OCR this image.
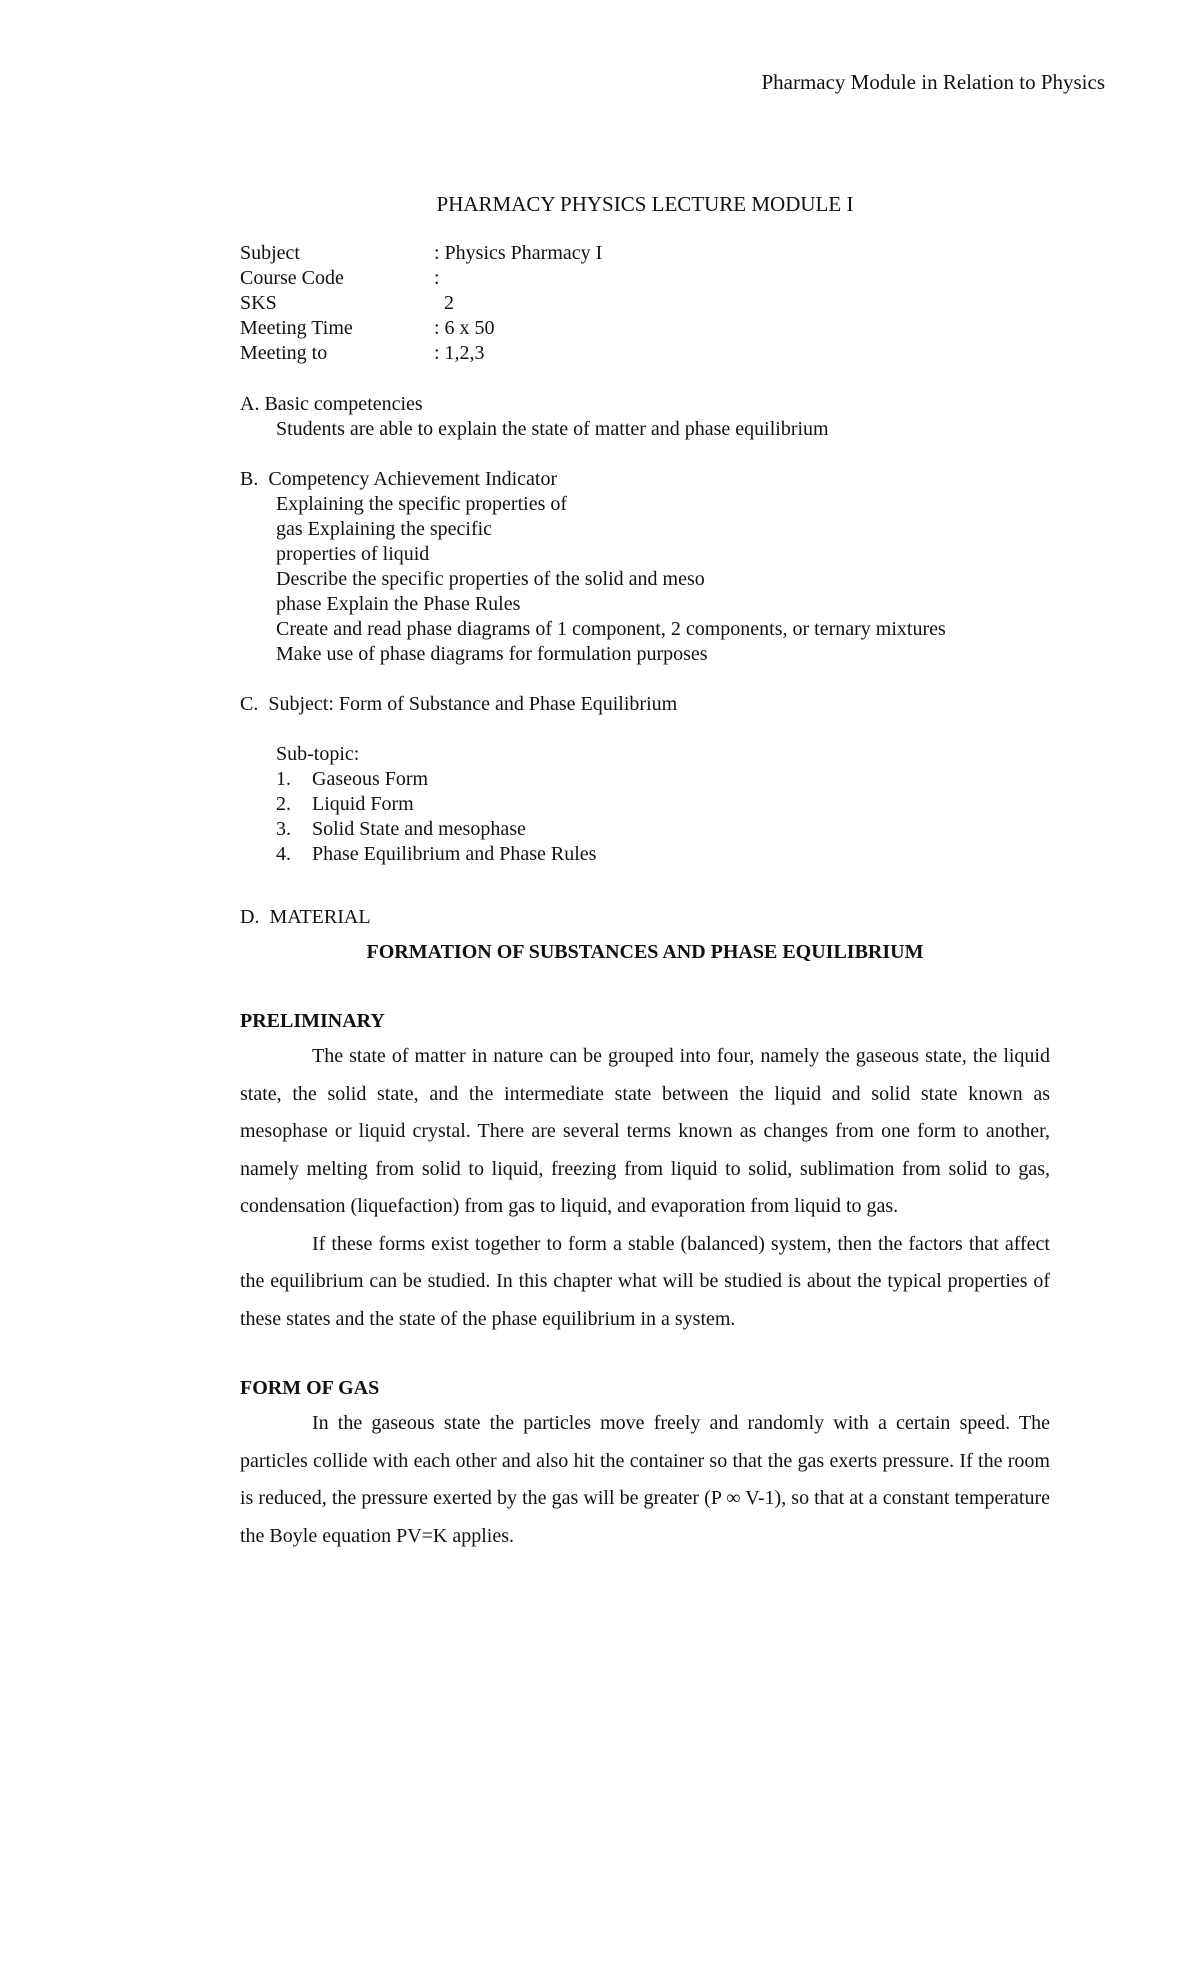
Pharmacy Module in Relation to Physics
PHARMACY PHYSICS LECTURE MODULE I
Subject	: Physics Pharmacy I
Course Code	:
SKS	2
Meeting Time	: 6 x 50
Meeting to	: 1,2,3
A. Basic competencies
Students are able to explain the state of matter and phase equilibrium
B.  Competency Achievement Indicator
Explaining the specific properties of
gas Explaining the specific
properties of liquid
Describe the specific properties of the solid and meso
phase Explain the Phase Rules
Create and read phase diagrams of 1 component, 2 components, or ternary mixtures
Make use of phase diagrams for formulation purposes
C.  Subject: Form of Substance and Phase Equilibrium
Sub-topic:
1.	Gaseous Form
2.	Liquid Form
3.	Solid State and mesophase
4.	Phase Equilibrium and Phase Rules
D.  MATERIAL
FORMATION OF SUBSTANCES AND PHASE EQUILIBRIUM
PRELIMINARY

The state of matter in nature can be grouped into four, namely the gaseous state, the liquid state, the solid state, and the intermediate state between the liquid and solid state known as mesophase or liquid crystal. There are several terms known as changes from one form to another, namely melting from solid to liquid, freezing from liquid to solid, sublimation from solid to gas, condensation (liquefaction) from gas to liquid, and evaporation from liquid to gas.

If these forms exist together to form a stable (balanced) system, then the factors that affect the equilibrium can be studied. In this chapter what will be studied is about the typical properties of these states and the state of the phase equilibrium in a system.

FORM OF GAS

In the gaseous state the particles move freely and randomly with a certain speed. The particles collide with each other and also hit the container so that the gas exerts pressure. If the room is reduced, the pressure exerted by the gas will be greater (P ∞ V-1), so that at a constant temperature the Boyle equation PV=K applies.
